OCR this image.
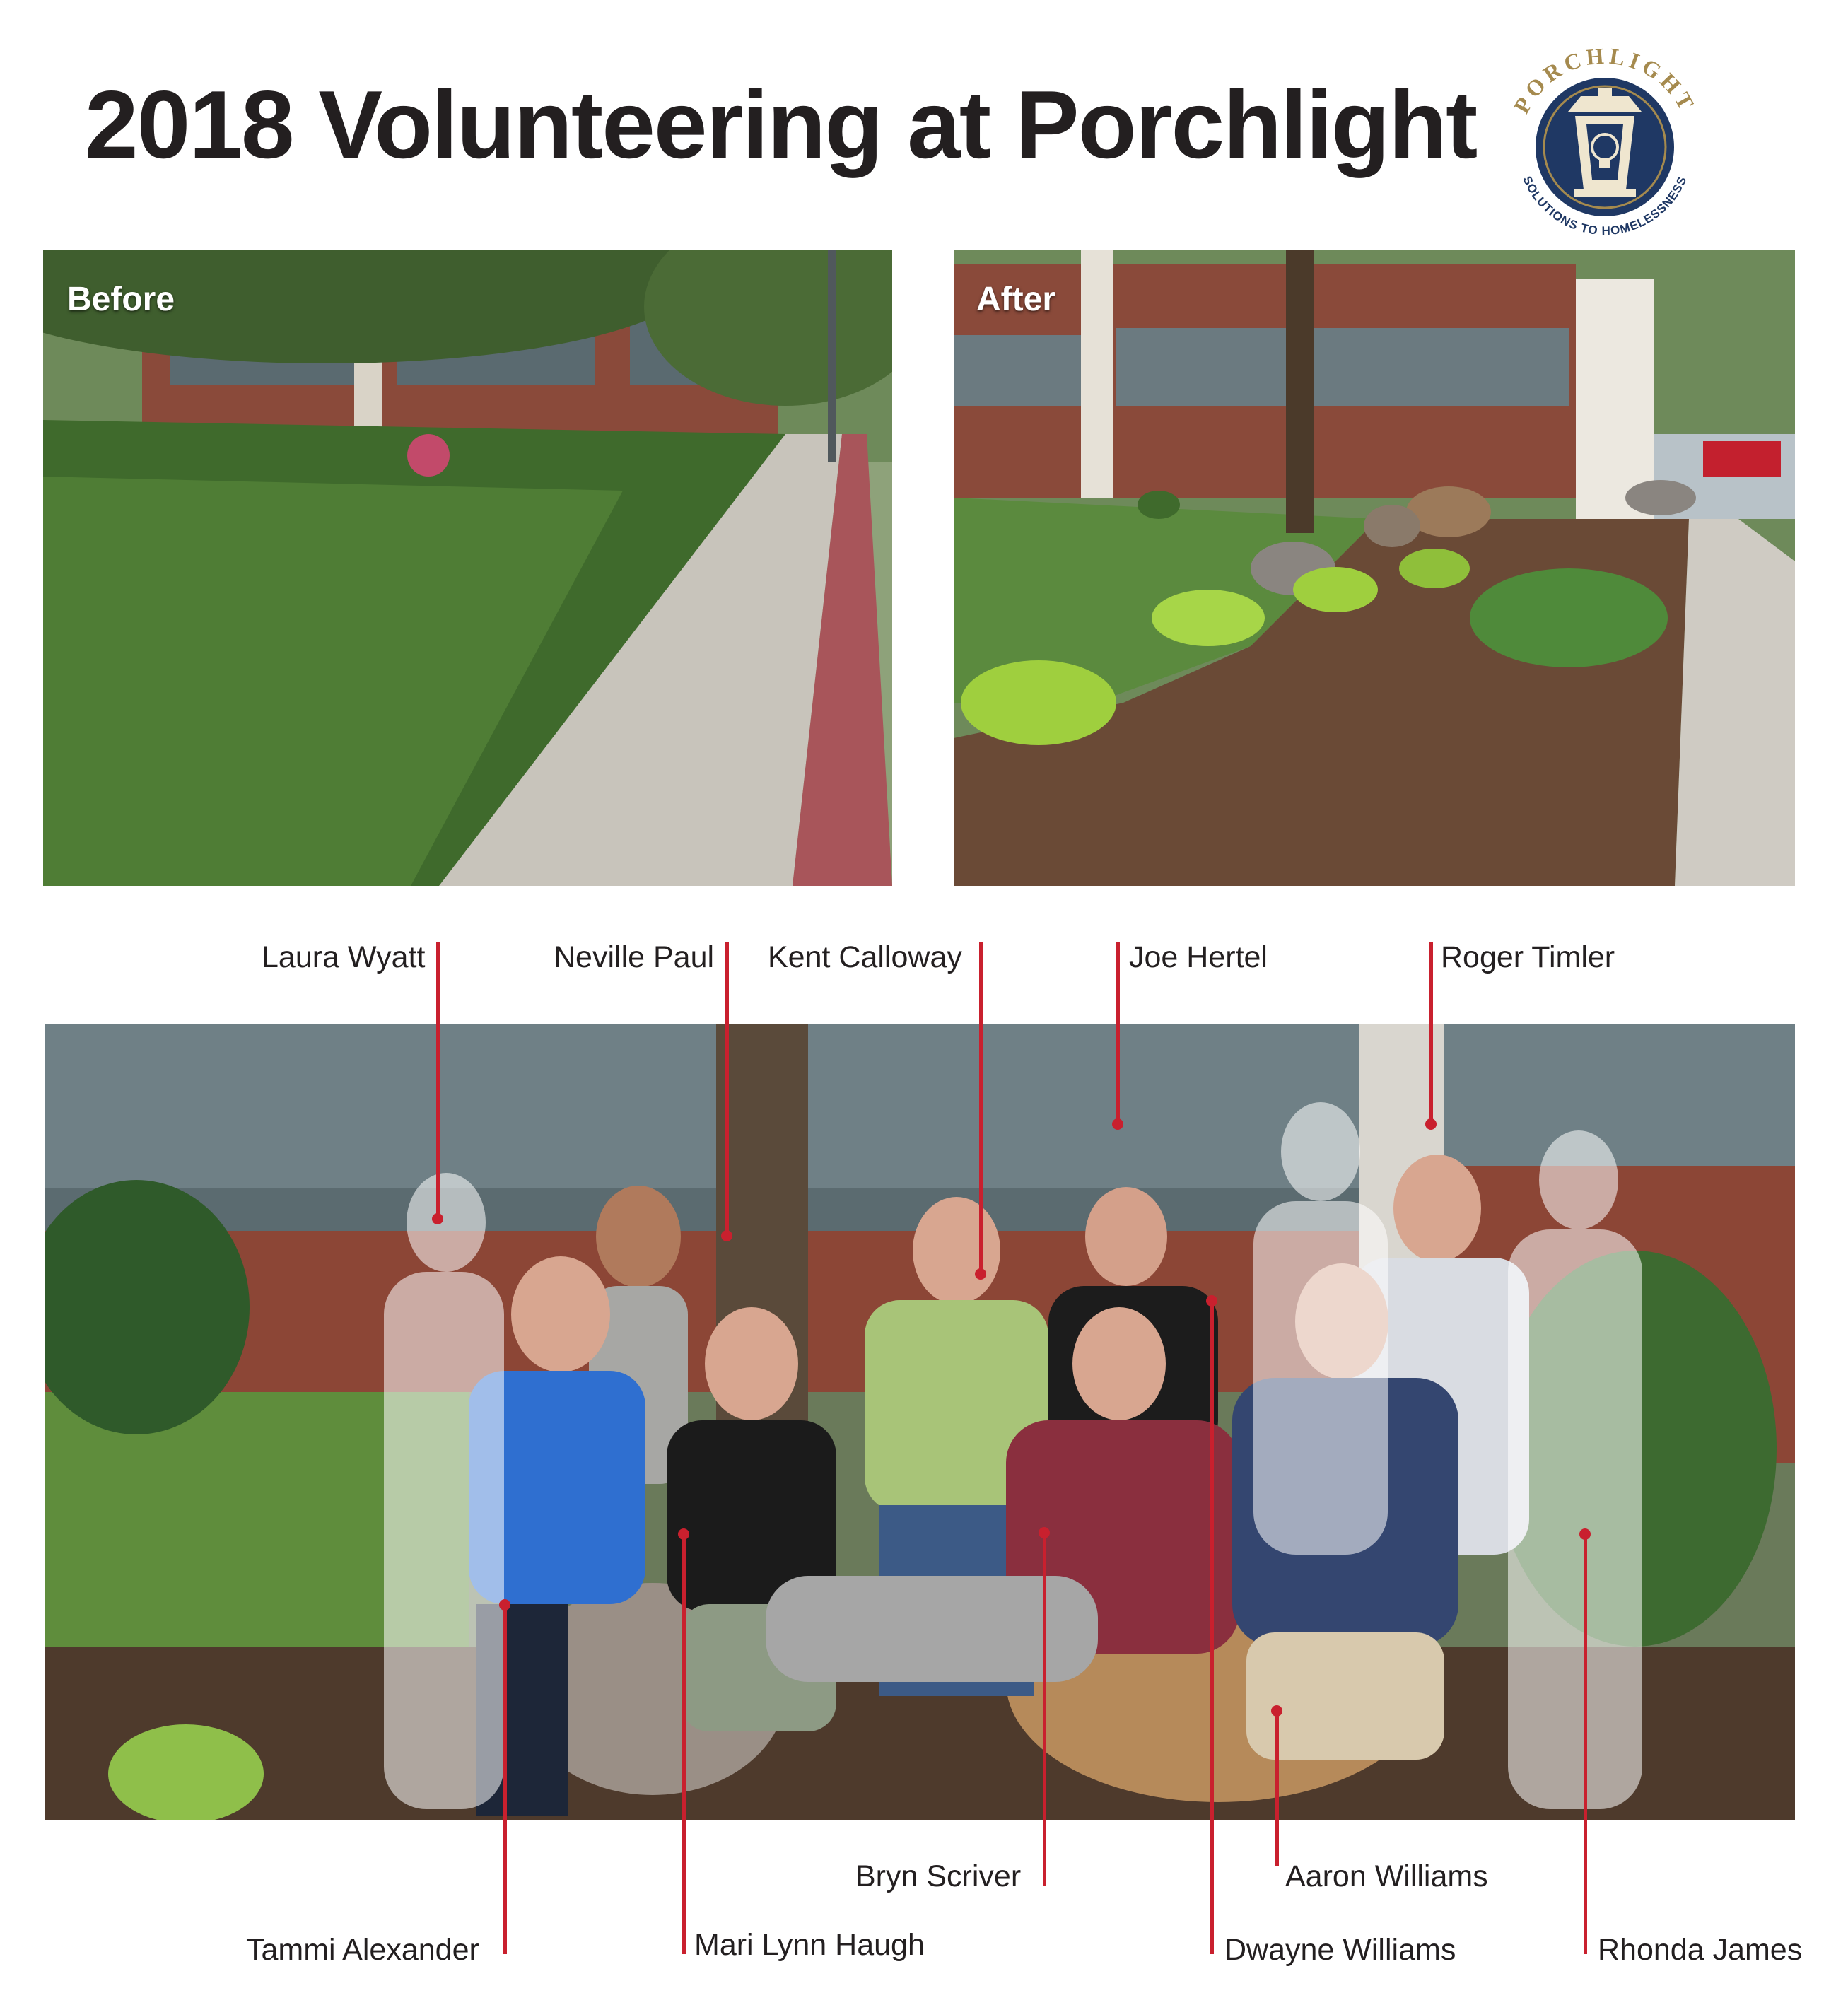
2018 Volunteering at Porchlight PORCHLIGHT
SOLUTIONS TO HOMELESSNESS
Before	After
Laura Wyatt	Neville Paul Kent Calloway	Joe Hertel	Roger Timler
Tammi Alexander	Mari Lynn Haugh
Bryn Scriver	Aaron Williams
Dwayne Williams	Rhonda James
